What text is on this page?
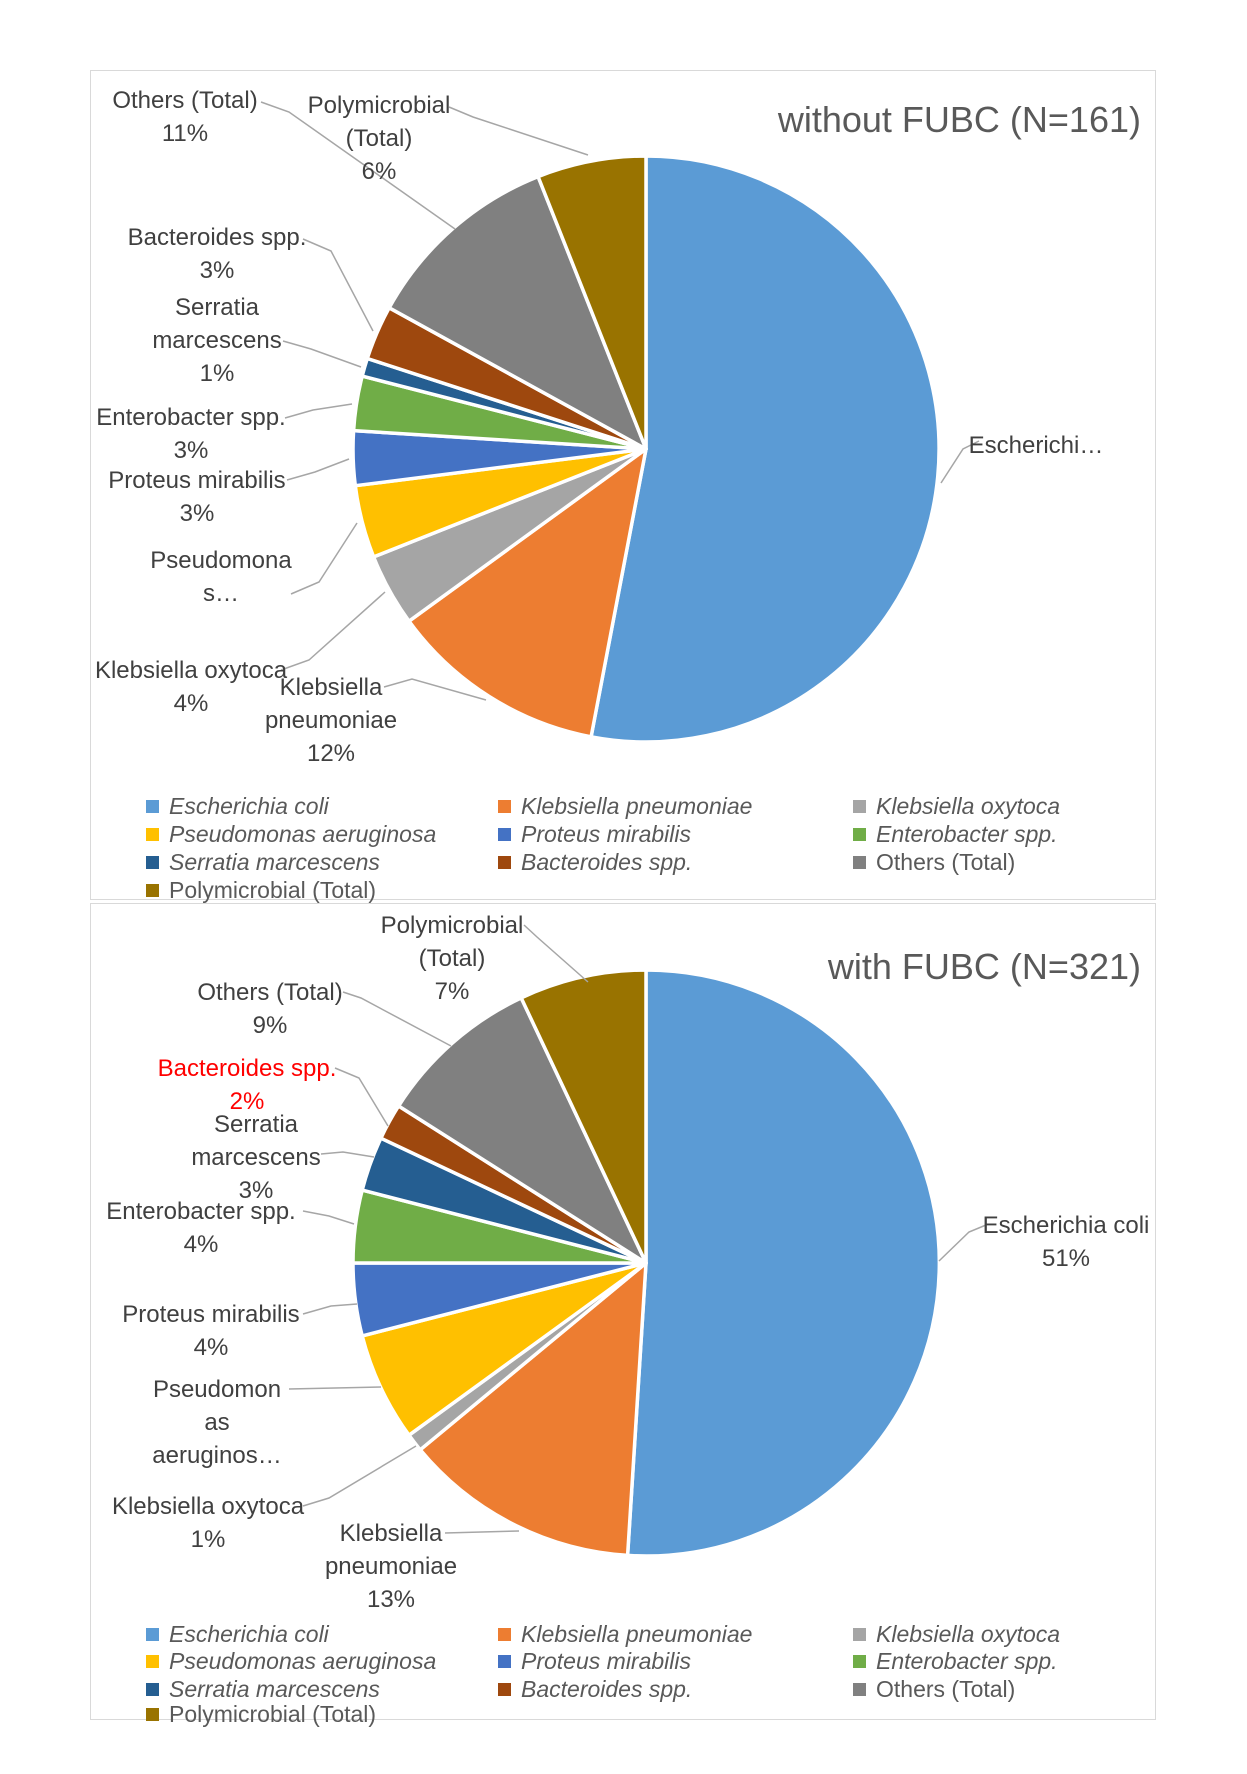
without FUBC (N=161)
Escherichi…
Klebsiella
pneumoniae
12%
Klebsiella oxytoca
4%
Pseudomona
s…
Proteus mirabilis
3%
Enterobacter spp.
3%
Serratia
marcescens
1%
Bacteroides spp.
3%
Others (Total)
11%
Polymicrobial
(Total)
6%
Escherichia coli	Klebsiella pneumoniae	Klebsiella oxytoca
Pseudomonas aeruginosa	Proteus mirabilis	Enterobacter spp.
Serratia marcescens	Bacteroides spp.	Others (Total)
Polymicrobial (Total)
with FUBC (N=321)
Escherichia coli
51%
Klebsiella
pneumoniae
13%
Klebsiella oxytoca
1%
Pseudomon
as
aeruginos…
Proteus mirabilis
4%
Enterobacter spp.
4%
Serratia
marcescens
3%
Bacteroides spp.
2%
Others (Total)
9%
Polymicrobial
(Total)
7%
Escherichia coli	Klebsiella pneumoniae	Klebsiella oxytoca
Pseudomonas aeruginosa	Proteus mirabilis	Enterobacter spp.
Serratia marcescens	Bacteroides spp.	Others (Total)
Polymicrobial (Total)
